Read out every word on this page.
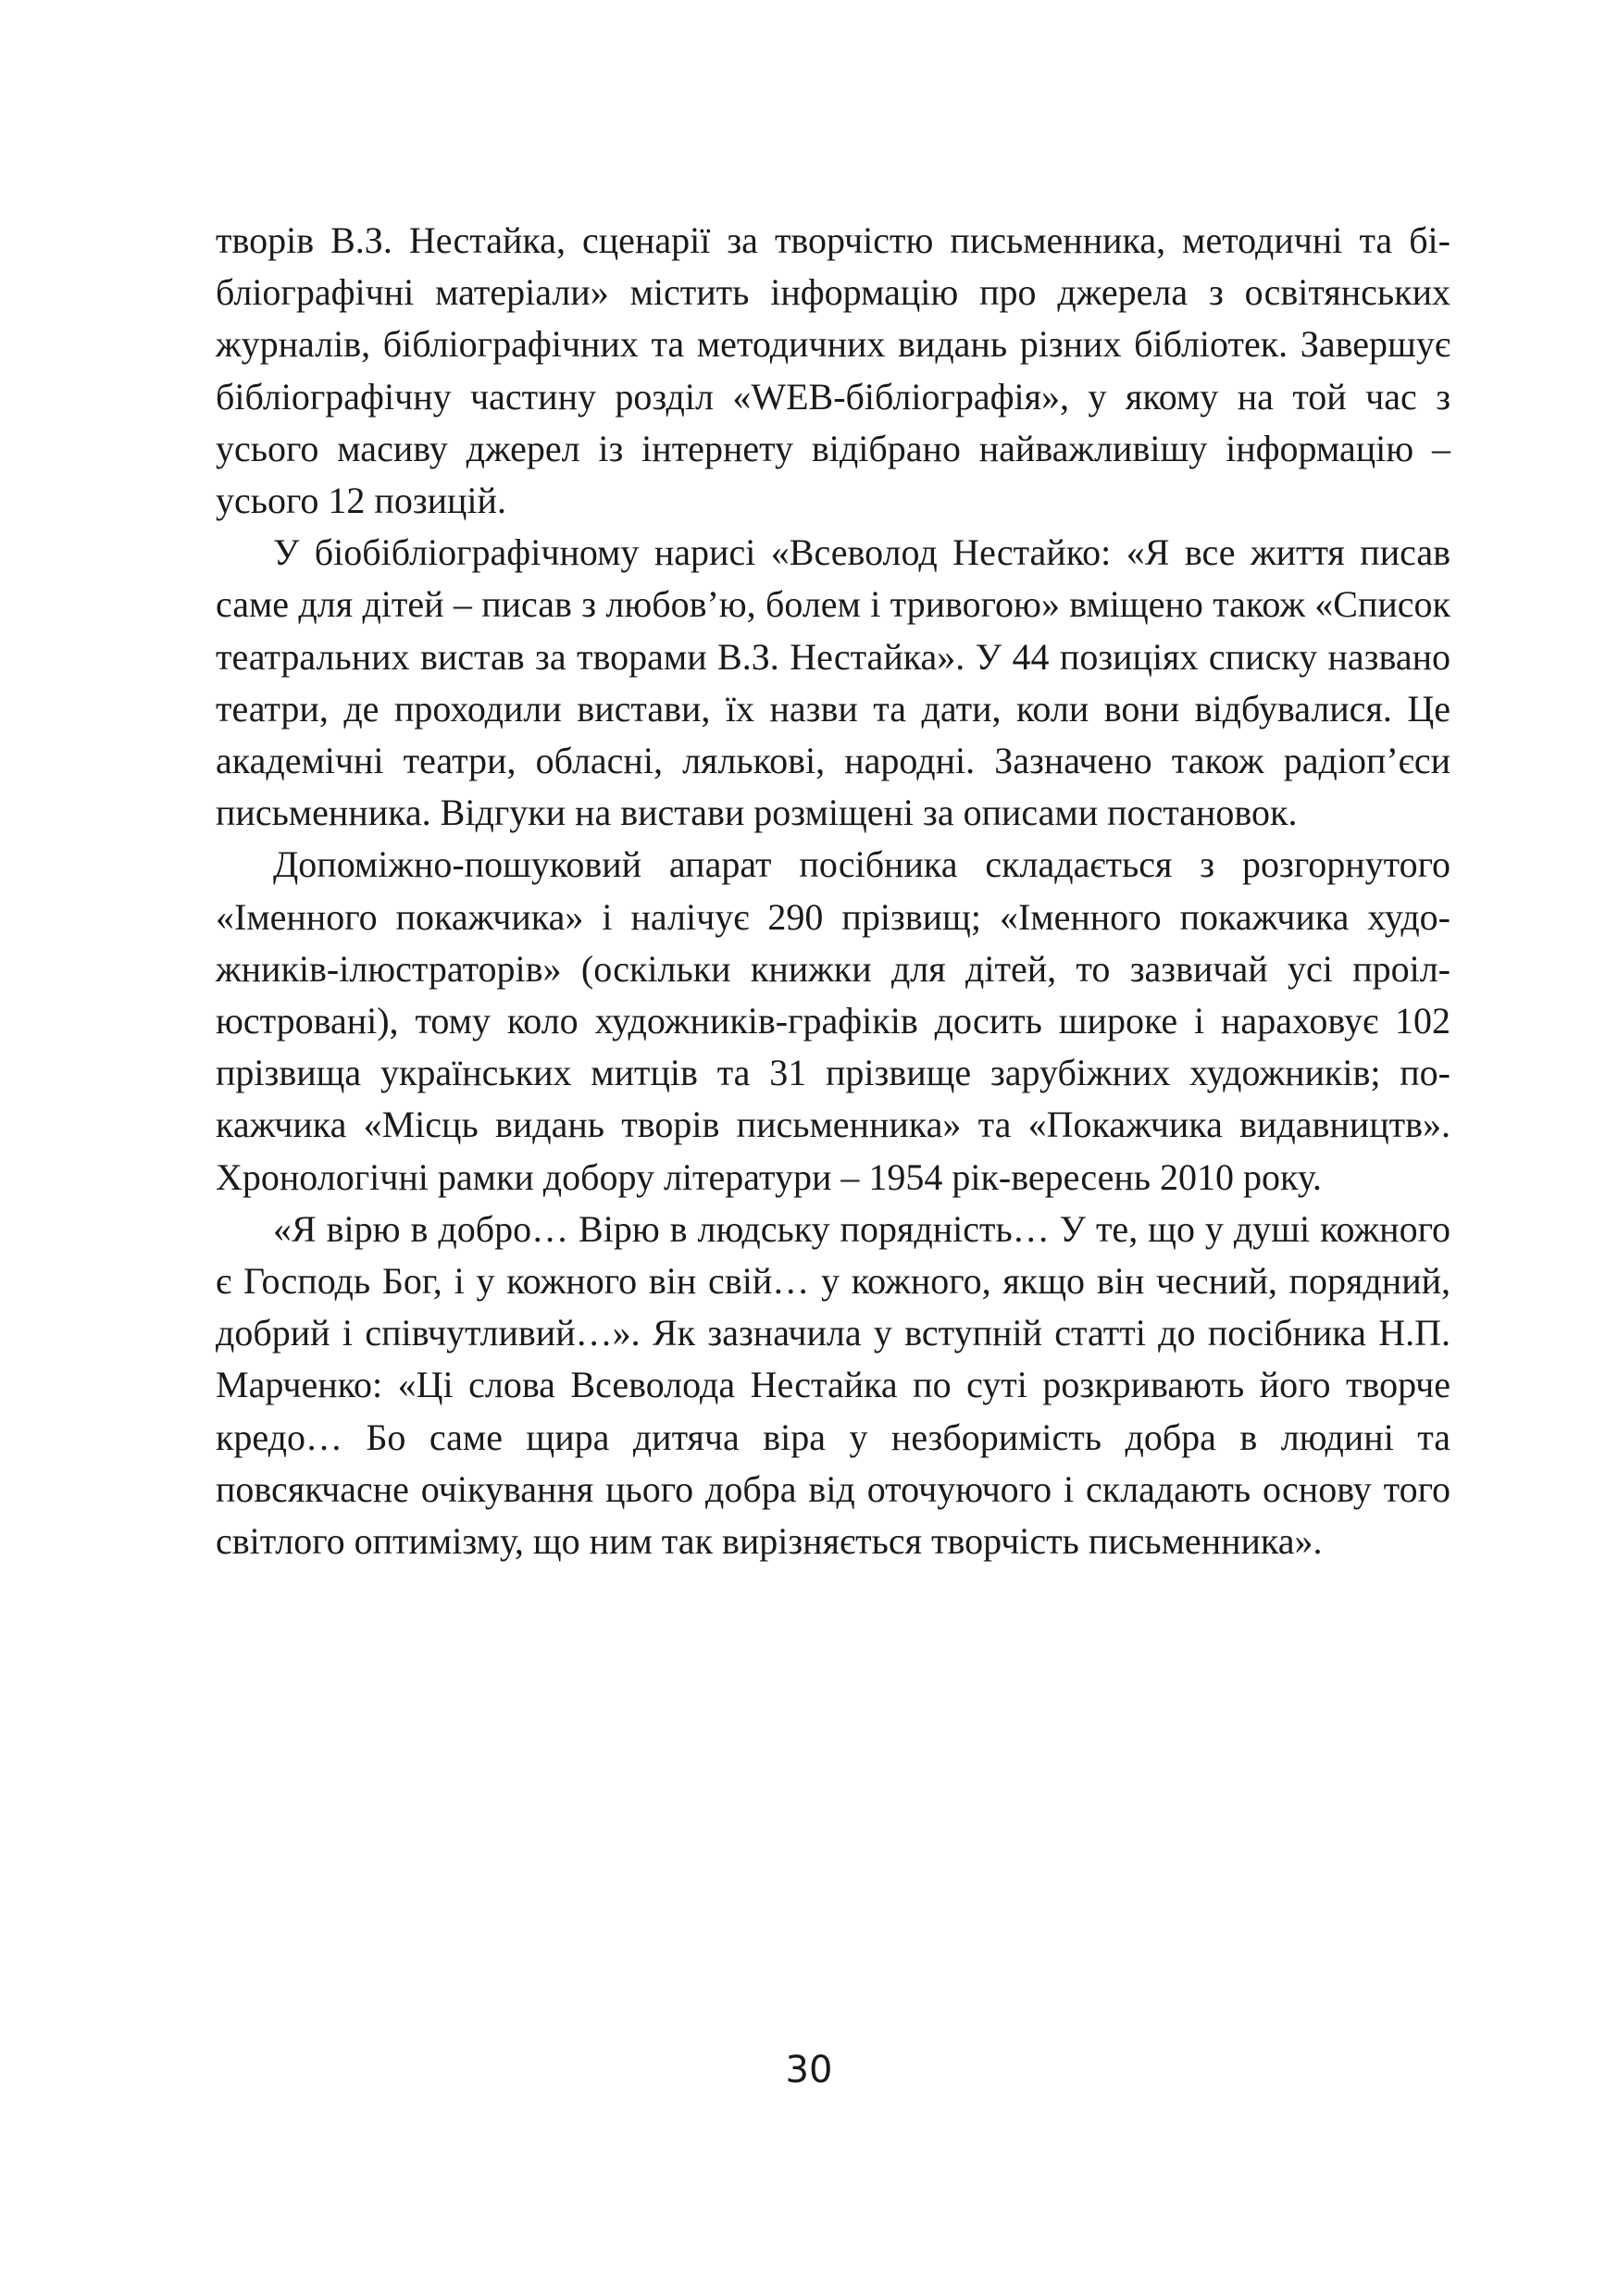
творів В.З. Нестайка, сценарії за творчістю письменника, методичні та бібліографічні матеріали» містить інформацію про джерела з освітянських журналів, бібліографічних та методичних видань різних бібліотек. Завершує бібліографічну частину розділ «WEB-бібліографія», у якому на той час з усього масиву джерел із інтернету відібрано найважливішу інформацію – усього 12 позицій.

У біобібліографічному нарисі «Всеволод Нестайко: «Я все життя писав саме для дітей – писав з любов’ю, болем і тривогою» вміщено також «Список театральних вистав за творами В.З. Нестайка». У 44 позиціях списку названо театри, де проходили вистави, їх назви та дати, коли вони відбувалися. Це академічні театри, обласні, лялькові, народні. Зазначено також радіоп’єси письменника. Відгуки на вистави розміщені за описами постановок.

Допоміжно-пошуковий апарат посібника складається з розгорнутого «Іменного покажчика» і налічує 290 прізвищ; «Іменного покажчика художників-ілюстраторів» (оскільки книжки для дітей, то зазвичай усі проілюстровані), тому коло художників-графіків досить широке і нараховує 102 прізвища українських митців та 31 прізвище зарубіжних художників; покажчика «Місць видань творів письменника» та «Покажчика видавництв». Хронологічні рамки добору літератури – 1954 рік-вересень 2010 року.

«Я вірю в добро… Вірю в людську порядність… У те, що у душі кожного є Господь Бог, і у кожного він свій… у кожного, якщо він чесний, порядний, добрий і співчутливий…». Як зазначила у вступній статті до посібника Н.П. Марченко: «Ці слова Всеволода Нестайка по суті розкривають його творче кредо… Бо саме щира дитяча віра у незборимість добра в людині та повсякчасне очікування цього добра від оточуючого і складають основу того світлого оптимізму, що ним так вирізняється творчість письменника».

30
